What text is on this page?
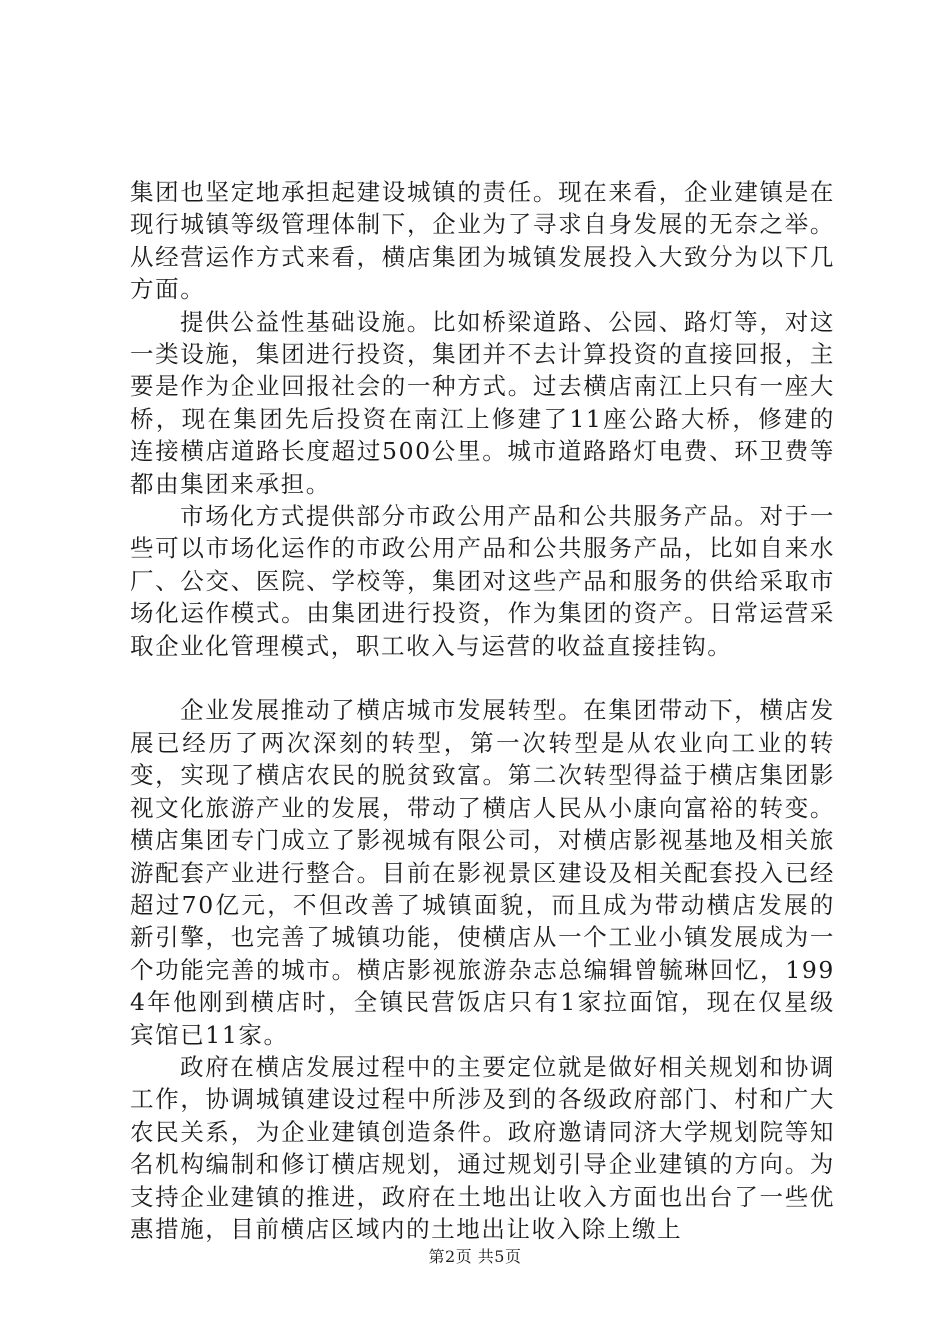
集团也坚定地承担起建设城镇的责任。现在来看，企业建镇是在现行城镇等级管理体制下，企业为了寻求自身发展的无奈之举。从经营运作方式来看，横店集团为城镇发展投入大致分为以下几方面。

提供公益性基础设施。比如桥梁道路、公园、路灯等，对这一类设施，集团进行投资，集团并不去计算投资的直接回报，主要是作为企业回报社会的一种方式。过去横店南江上只有一座大桥，现在集团先后投资在南江上修建了11座公路大桥，修建的连接横店道路长度超过500公里。城市道路路灯电费、环卫费等都由集团来承担。

市场化方式提供部分市政公用产品和公共服务产品。对于一些可以市场化运作的市政公用产品和公共服务产品，比如自来水厂、公交、医院、学校等，集团对这些产品和服务的供给采取市场化运作模式。由集团进行投资，作为集团的资产。日常运营采取企业化管理模式，职工收入与运营的收益直接挂钩。

企业发展推动了横店城市发展转型。在集团带动下，横店发展已经历了两次深刻的转型，第一次转型是从农业向工业的转变，实现了横店农民的脱贫致富。第二次转型得益于横店集团影视文化旅游产业的发展，带动了横店人民从小康向富裕的转变。横店集团专门成立了影视城有限公司，对横店影视基地及相关旅游配套产业进行整合。目前在影视景区建设及相关配套投入已经超过70亿元，不但改善了城镇面貌，而且成为带动横店发展的新引擎，也完善了城镇功能，使横店从一个工业小镇发展成为一个功能完善的城市。横店影视旅游杂志总编辑曾毓琳回忆，1994年他刚到横店时，全镇民营饭店只有1家拉面馆，现在仅星级宾馆已11家。

政府在横店发展过程中的主要定位就是做好相关规划和协调工作，协调城镇建设过程中所涉及到的各级政府部门、村和广大农民关系，为企业建镇创造条件。政府邀请同济大学规划院等知名机构编制和修订横店规划，通过规划引导企业建镇的方向。为支持企业建镇的推进，政府在土地出让收入方面也出台了一些优惠措施，目前横店区域内的土地出让收入除上缴上

第2页 共5页
